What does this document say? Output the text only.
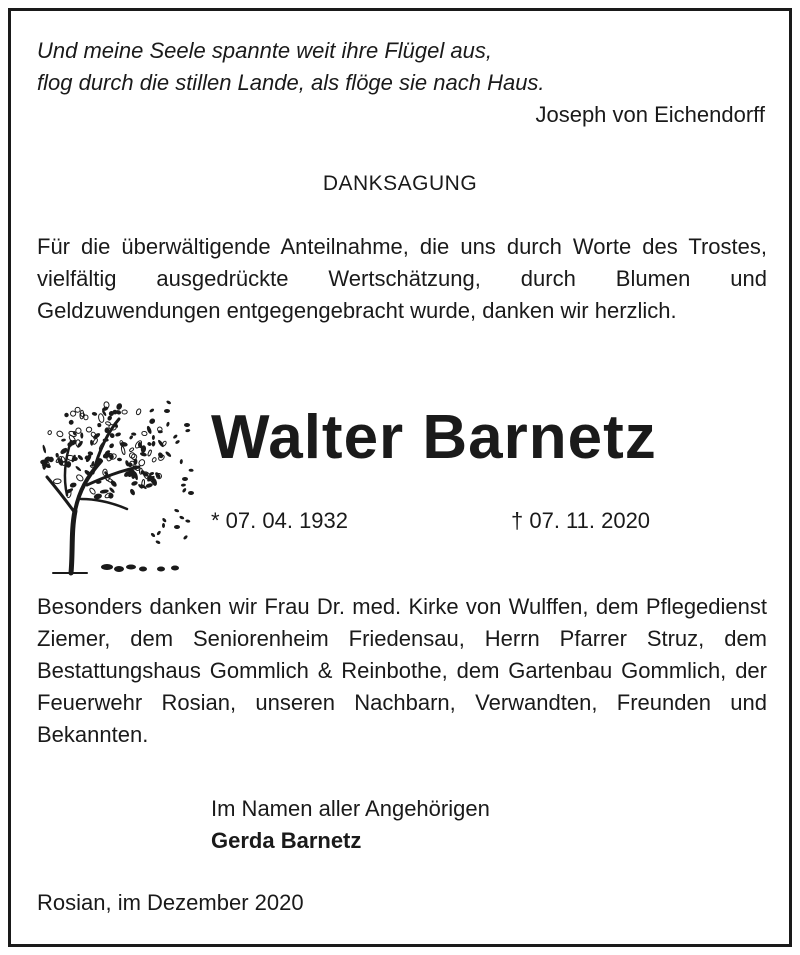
Und meine Seele spannte weit ihre Flügel aus,
flog durch die stillen Lande, als flöge sie nach Haus.
Joseph von Eichendorff
DANKSAGUNG
Für die überwältigende Anteilnahme, die uns durch Worte des Trostes, vielfältig ausgedrückte Wertschätzung, durch Blumen und Geldzuwendungen entgegengebracht wurde, danken wir herzlich.
Walter Barnetz
* 07. 04. 1932	† 07. 11. 2020
Besonders danken wir Frau Dr. med. Kirke von Wulffen, dem Pflegedienst Ziemer, dem Seniorenheim Friedensau, Herrn Pfarrer Struz, dem Bestattungshaus Gommlich & Reinbothe, dem Gartenbau Gommlich, der Feuerwehr Rosian, unseren Nachbarn, Verwandten, Freunden und Bekannten.
Im Namen aller Angehörigen
Gerda Barnetz
Rosian, im Dezember 2020
